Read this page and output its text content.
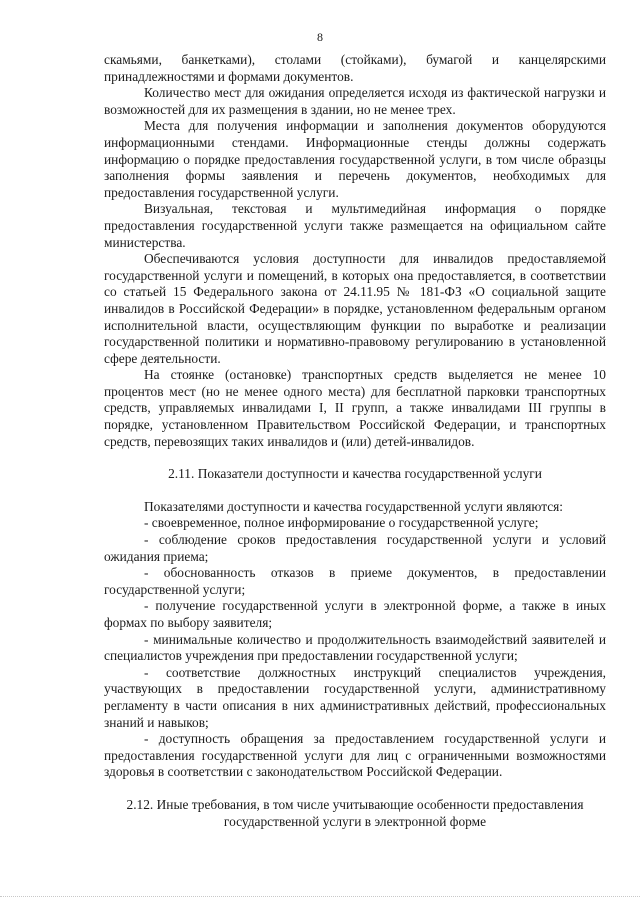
8

скамьями, банкетками), столами (стойками), бумагой и канцелярскими принадлежностями и формами документов.

Количество мест для ожидания определяется исходя из фактической нагрузки и возможностей для их размещения в здании, но не менее трех.

Места для получения информации и заполнения документов оборудуются информационными стендами. Информационные стенды должны содержать информацию о порядке предоставления государственной услуги, в том числе образцы заполнения формы заявления и перечень документов, необходимых для предоставления государственной услуги.

Визуальная, текстовая и мультимедийная информация о порядке предоставления государственной услуги также размещается на официальном сайте министерства.

Обеспечиваются условия доступности для инвалидов предоставляемой государственной услуги и помещений, в которых она предоставляется, в соответствии со статьей 15 Федерального закона от 24.11.95 № 181-ФЗ «О социальной защите инвалидов в Российской Федерации» в порядке, установленном федеральным органом исполнительной власти, осуществляющим функции по выработке и реализации государственной политики и нормативно-правовому регулированию в установленной сфере деятельности.

На стоянке (остановке) транспортных средств выделяется не менее 10 процентов мест (но не менее одного места) для бесплатной парковки транспортных средств, управляемых инвалидами I, II групп, а также инвалидами III группы в порядке, установленном Правительством Российской Федерации, и транспортных средств, перевозящих таких инвалидов и (или) детей-инвалидов.

2.11. Показатели доступности и качества государственной услуги

Показателями доступности и качества государственной услуги являются:

- своевременное, полное информирование о государственной услуге;

- соблюдение сроков предоставления государственной услуги и условий ожидания приема;

- обоснованность отказов в приеме документов, в предоставлении государственной услуги;

- получение государственной услуги в электронной форме, а также в иных формах по выбору заявителя;

- минимальные количество и продолжительность взаимодействий заявителей и специалистов учреждения при предоставлении государственной услуги;

- соответствие должностных инструкций специалистов учреждения, участвующих в предоставлении государственной услуги, административному регламенту в части описания в них административных действий, профессиональных знаний и навыков;

- доступность обращения за предоставлением государственной услуги и предоставления государственной услуги для лиц с ограниченными возможностями здоровья в соответствии с законодательством Российской Федерации.

2.12. Иные требования, в том числе учитывающие особенности предоставления
государственной услуги в электронной форме
